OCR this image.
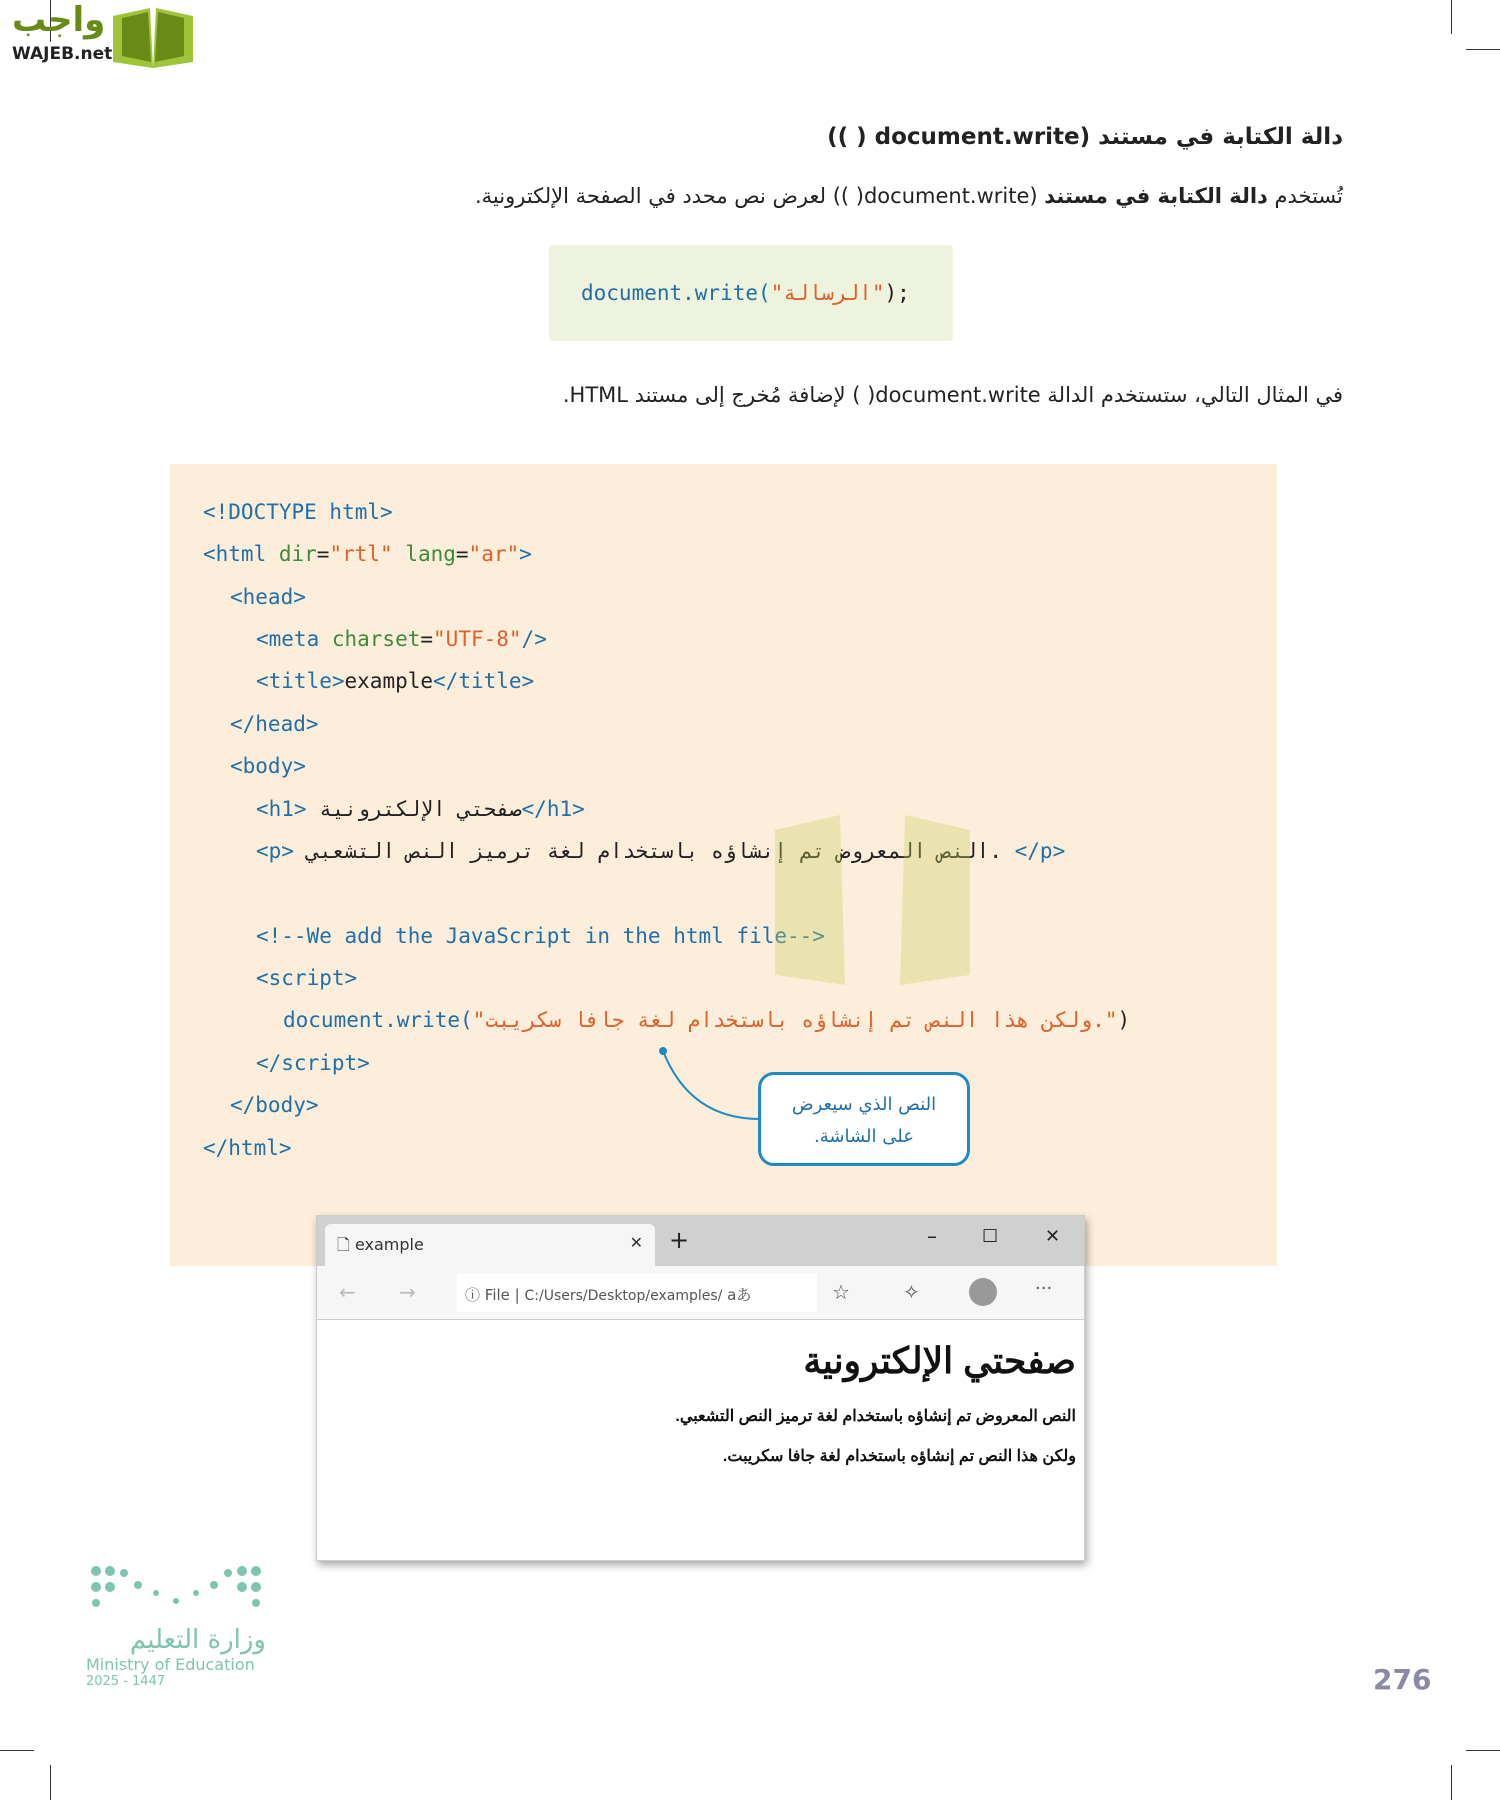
واجب
WAJEB.net
دالة الكتابة في مستند (document.write ( ))
تُستخدم دالة الكتابة في مستند (document.write( )) لعرض نص محدد في الصفحة الإلكترونية.
document.write( "الرسالة" );
في المثال التالي، ستستخدم الدالة document.write( ) لإضافة مُخرج إلى مستند HTML.
<!DOCTYPE html>
<html dir="rtl" lang="ar">
<head>
<meta charset="UTF-8"/>
<title>example</title>
</head>
<body>
<h1> صفحتي الإلكترونية</h1>
<p> النص المعروض تم إنشاؤه باستخدام لغة ترميز النص التشعبي. </p>
<!--We add the JavaScript in the html file-->
<script>
document.write("ولكن هذا النص تم إنشاؤه باستخدام لغة جافا سكريبت.")
</script>
</body>
</html>
النص الذي سيعرض
على الشاشة.
🗋 example	✕ +	–	☐	✕
← →	ⓘ File | C:/Users/Desktop/examples/ aあ	☆	✧	···
صفحتي الإلكترونية
النص المعروض تم إنشاؤه باستخدام لغة ترميز النص التشعبي.
ولكن هذا النص تم إنشاؤه باستخدام لغة جافا سكريبت.
وزارة التعليم
Ministry of Education
2025 - 1447	276
